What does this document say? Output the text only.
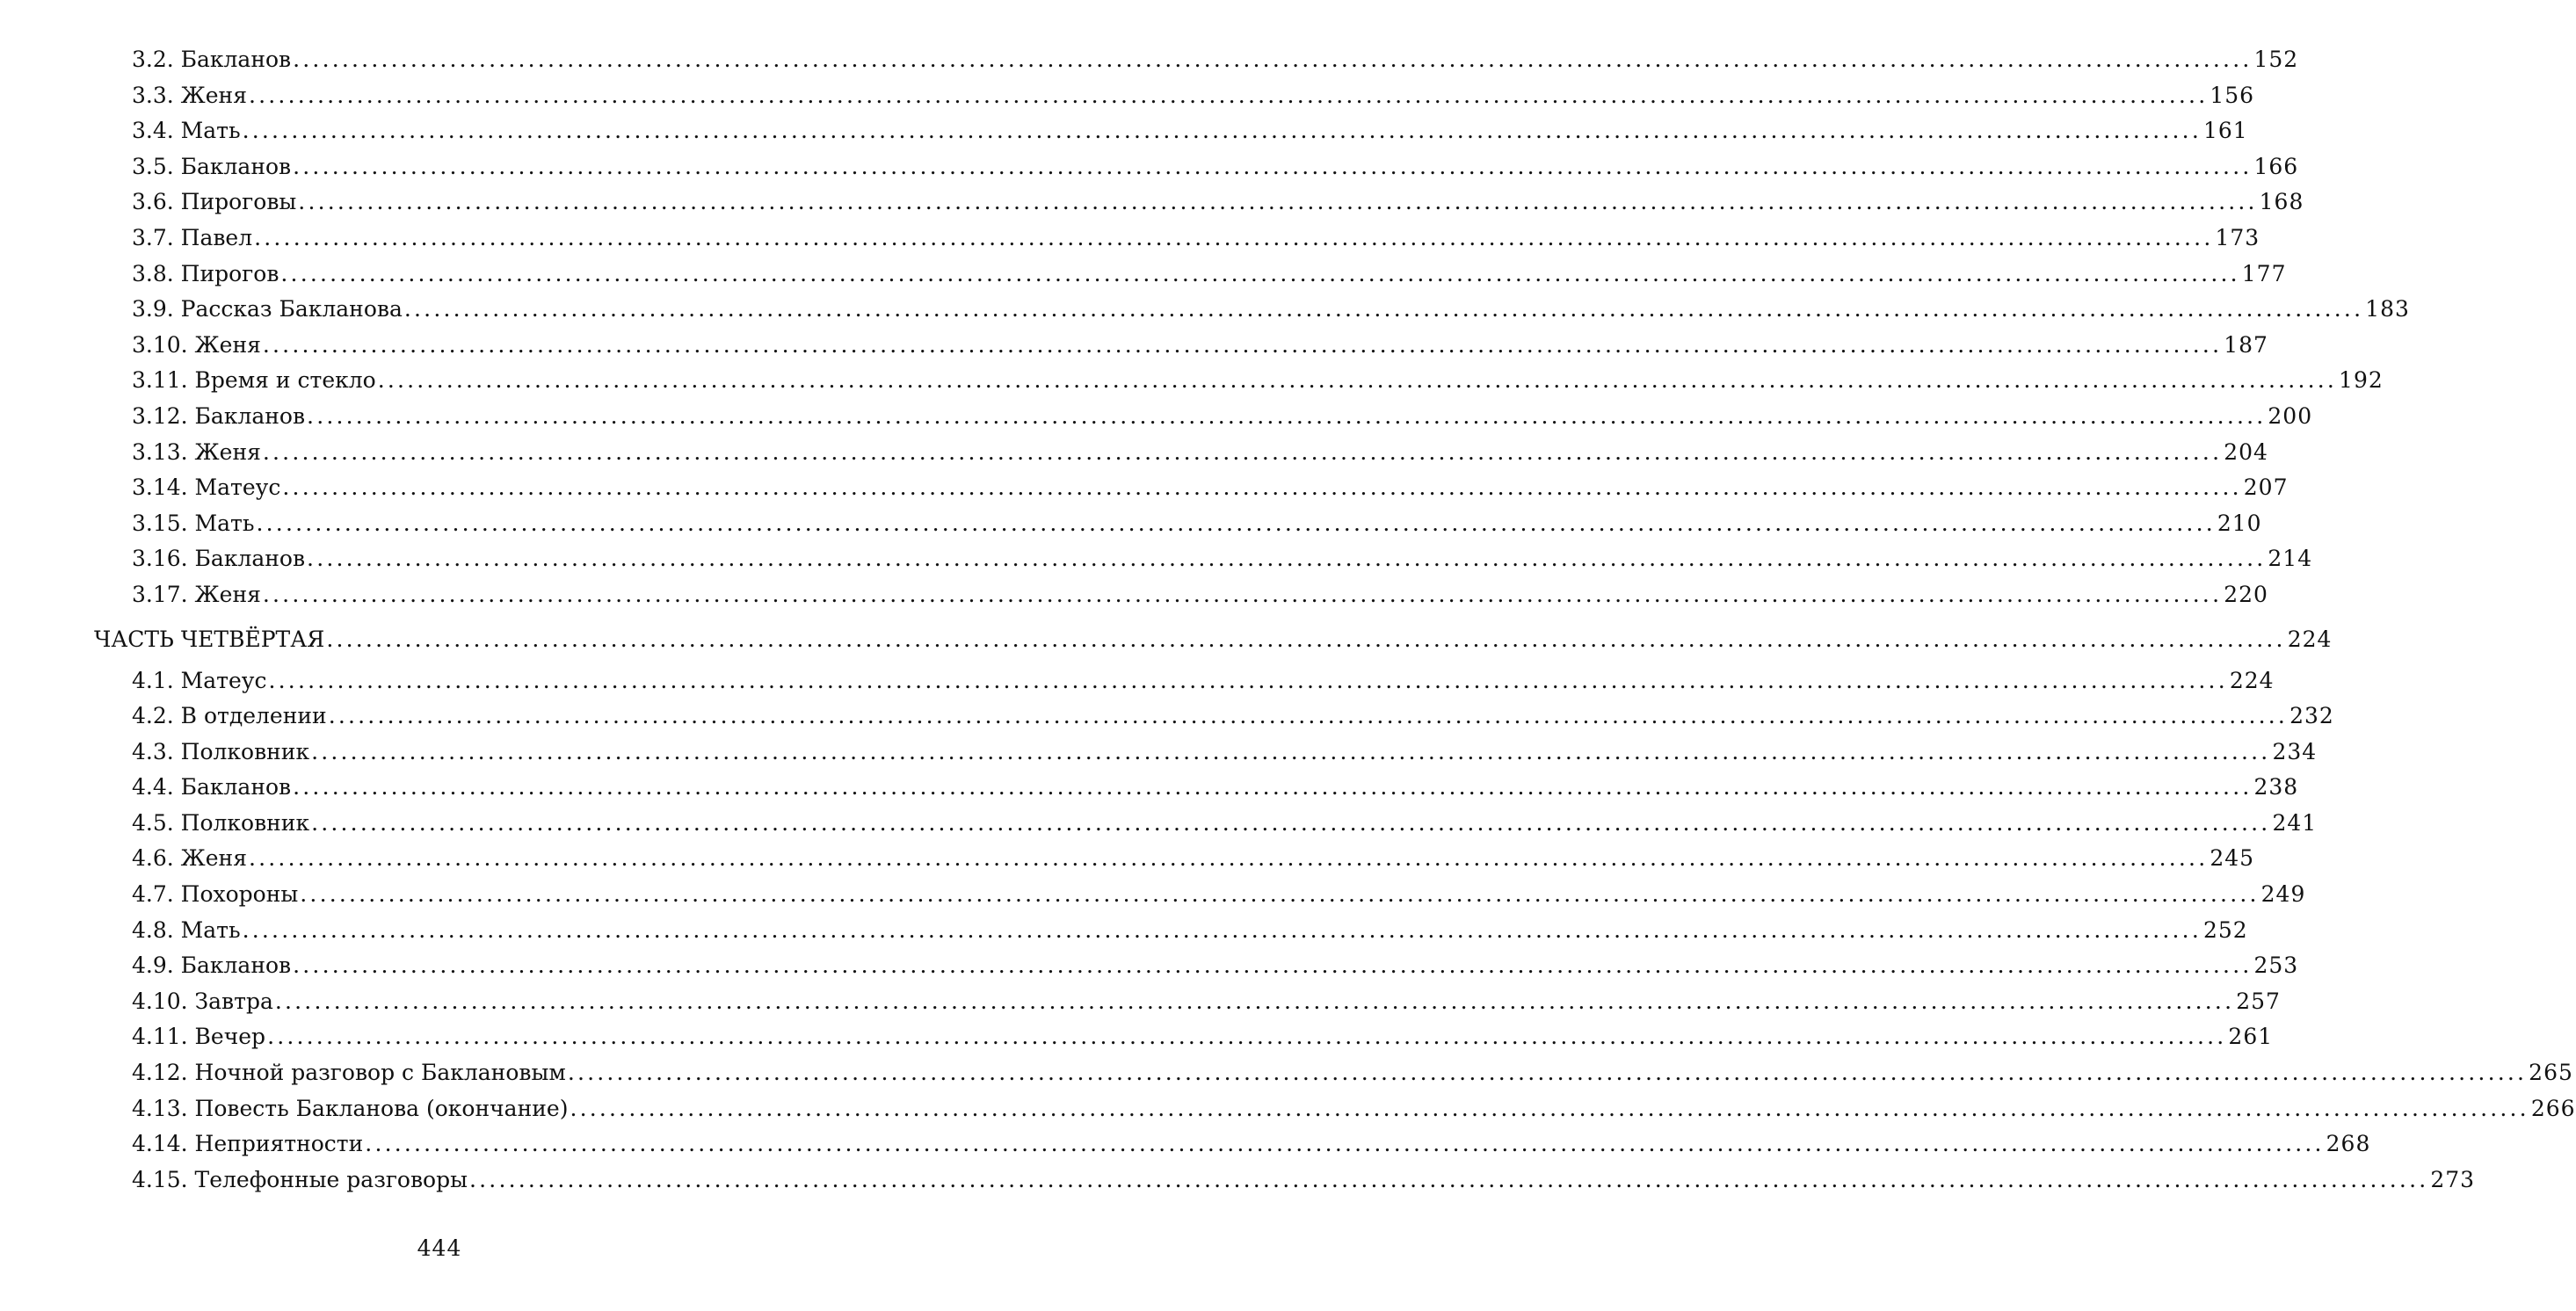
3.2. Бакланов ........................................................................................................................................................................................................ 152
3.3. Женя ........................................................................................................................................................................................................ 156
3.4. Мать ........................................................................................................................................................................................................ 161
3.5. Бакланов ........................................................................................................................................................................................................ 166
3.6. Пироговы ........................................................................................................................................................................................................ 168
3.7. Павел ........................................................................................................................................................................................................ 173
3.8. Пирогов ........................................................................................................................................................................................................ 177
3.9. Рассказ Бакланова ........................................................................................................................................................................................................ 183
3.10. Женя ........................................................................................................................................................................................................ 187
3.11. Время и стекло ........................................................................................................................................................................................................ 192
3.12. Бакланов ........................................................................................................................................................................................................ 200
3.13. Женя ........................................................................................................................................................................................................ 204
3.14. Матеус ........................................................................................................................................................................................................ 207
3.15. Мать ........................................................................................................................................................................................................ 210
3.16. Бакланов ........................................................................................................................................................................................................ 214
3.17. Женя ........................................................................................................................................................................................................ 220
ЧАСТЬ ЧЕТВЁРТАЯ ........................................................................................................................................................................................................ 224
4.1. Матеус ........................................................................................................................................................................................................ 224
4.2. В отделении ........................................................................................................................................................................................................ 232
4.3. Полковник ........................................................................................................................................................................................................ 234
4.4. Бакланов ........................................................................................................................................................................................................ 238
4.5. Полковник ........................................................................................................................................................................................................ 241
4.6. Женя ........................................................................................................................................................................................................ 245
4.7. Похороны ........................................................................................................................................................................................................ 249
4.8. Мать ........................................................................................................................................................................................................ 252
4.9. Бакланов ........................................................................................................................................................................................................ 253
4.10. Завтра ........................................................................................................................................................................................................ 257
4.11. Вечер ........................................................................................................................................................................................................ 261
4.12. Ночной разговор с Баклановым ........................................................................................................................................................................................................ 265
4.13. Повесть Бакланова (окончание) ........................................................................................................................................................................................................ 266
4.14. Неприятности ........................................................................................................................................................................................................ 268
4.15. Телефонные разговоры ........................................................................................................................................................................................................ 273
444
